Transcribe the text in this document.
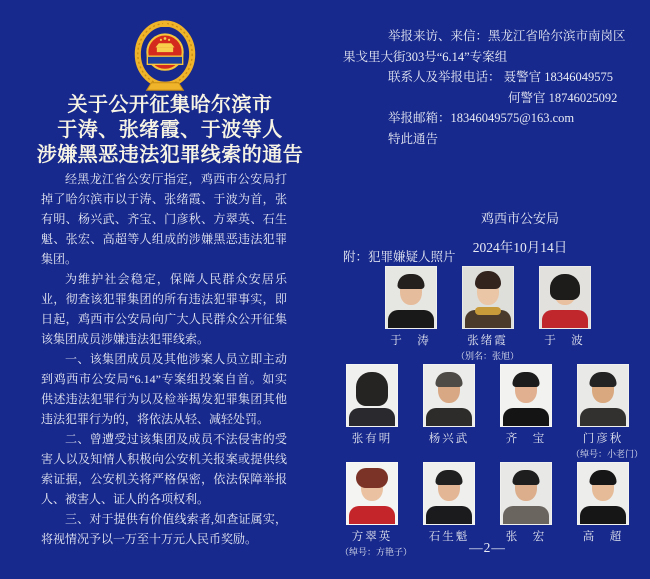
关于公开征集哈尔滨市
于涛、张绪霞、于波等人
涉嫌黑恶违法犯罪线索的通告

经黑龙江省公安厅指定，鸡西市公安局打掉了哈尔滨市以于涛、张绪霞、于波为首，张有明、杨兴武、齐宝、门彦秋、方翠英、石生魁、张宏、高超等人组成的涉嫌黑恶违法犯罪集团。

为维护社会稳定，保障人民群众安居乐业，彻查该犯罪集团的所有违法犯罪事实，即日起，鸡西市公安局向广大人民群众公开征集该集团成员涉嫌违法犯罪线索。

一、该集团成员及其他涉案人员立即主动到鸡西市公安局“6.14”专案组投案自首。如实供述违法犯罪行为以及检举揭发犯罪集团其他违法犯罪行为的，将依法从轻、减轻处罚。

二、曾遭受过该集团及成员不法侵害的受害人以及知情人积极向公安机关报案或提供线索证据，公安机关将严格保密，依法保障举报人、被害人、证人的各项权利。

三、对于提供有价值线索者,如查证属实，将视情况予以一万至十万元人民币奖励。

举报来访、来信：黑龙江省哈尔滨市南岗区
果戈里大街303号“6.14”专案组
联系人及举报电话： 聂警官 18346049575
何警官 18746025092
举报邮箱：18346049575@163.com
特此通告
鸡西市公安局
2024年10月14日
附：犯罪嫌疑人照片
于　涛	张绪霞
（别名：张旭）
于　波
张有明	杨兴武	齐　宝	门彦秋
（绰号：小老门）
方翠英
（绰号：方艳子）
石生魁	张　宏	高　超
—2—
